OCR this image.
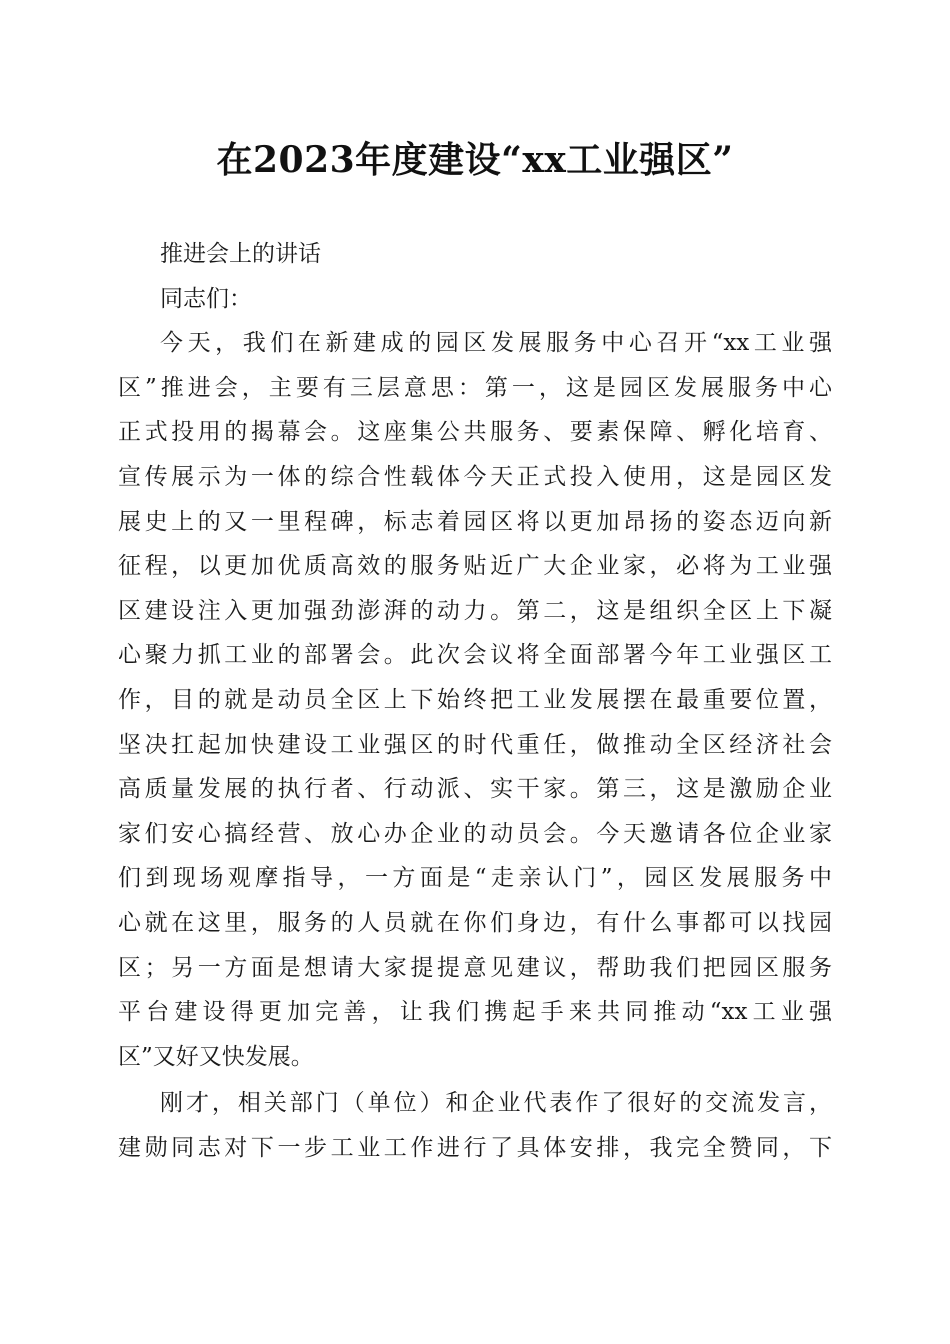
在2023年度建设“xx工业强区”
推进会上的讲话
同志们：
今天，我们在新建成的园区发展服务中心召开“xx工业强
区”推进会，主要有三层意思：第一，这是园区发展服务中心
正式投用的揭幕会。这座集公共服务、要素保障、孵化培育、
宣传展示为一体的综合性载体今天正式投入使用，这是园区发
展史上的又一里程碑，标志着园区将以更加昂扬的姿态迈向新
征程，以更加优质高效的服务贴近广大企业家，必将为工业强
区建设注入更加强劲澎湃的动力。第二，这是组织全区上下凝
心聚力抓工业的部署会。此次会议将全面部署今年工业强区工
作，目的就是动员全区上下始终把工业发展摆在最重要位置，
坚决扛起加快建设工业强区的时代重任，做推动全区经济社会
高质量发展的执行者、行动派、实干家。第三，这是激励企业
家们安心搞经营、放心办企业的动员会。今天邀请各位企业家
们到现场观摩指导，一方面是“走亲认门”，园区发展服务中
心就在这里，服务的人员就在你们身边，有什么事都可以找园
区；另一方面是想请大家提提意见建议，帮助我们把园区服务
平台建设得更加完善，让我们携起手来共同推动“xx工业强
区”又好又快发展。
刚才，相关部门（单位）和企业代表作了很好的交流发言，
建勋同志对下一步工业工作进行了具体安排，我完全赞同，下
